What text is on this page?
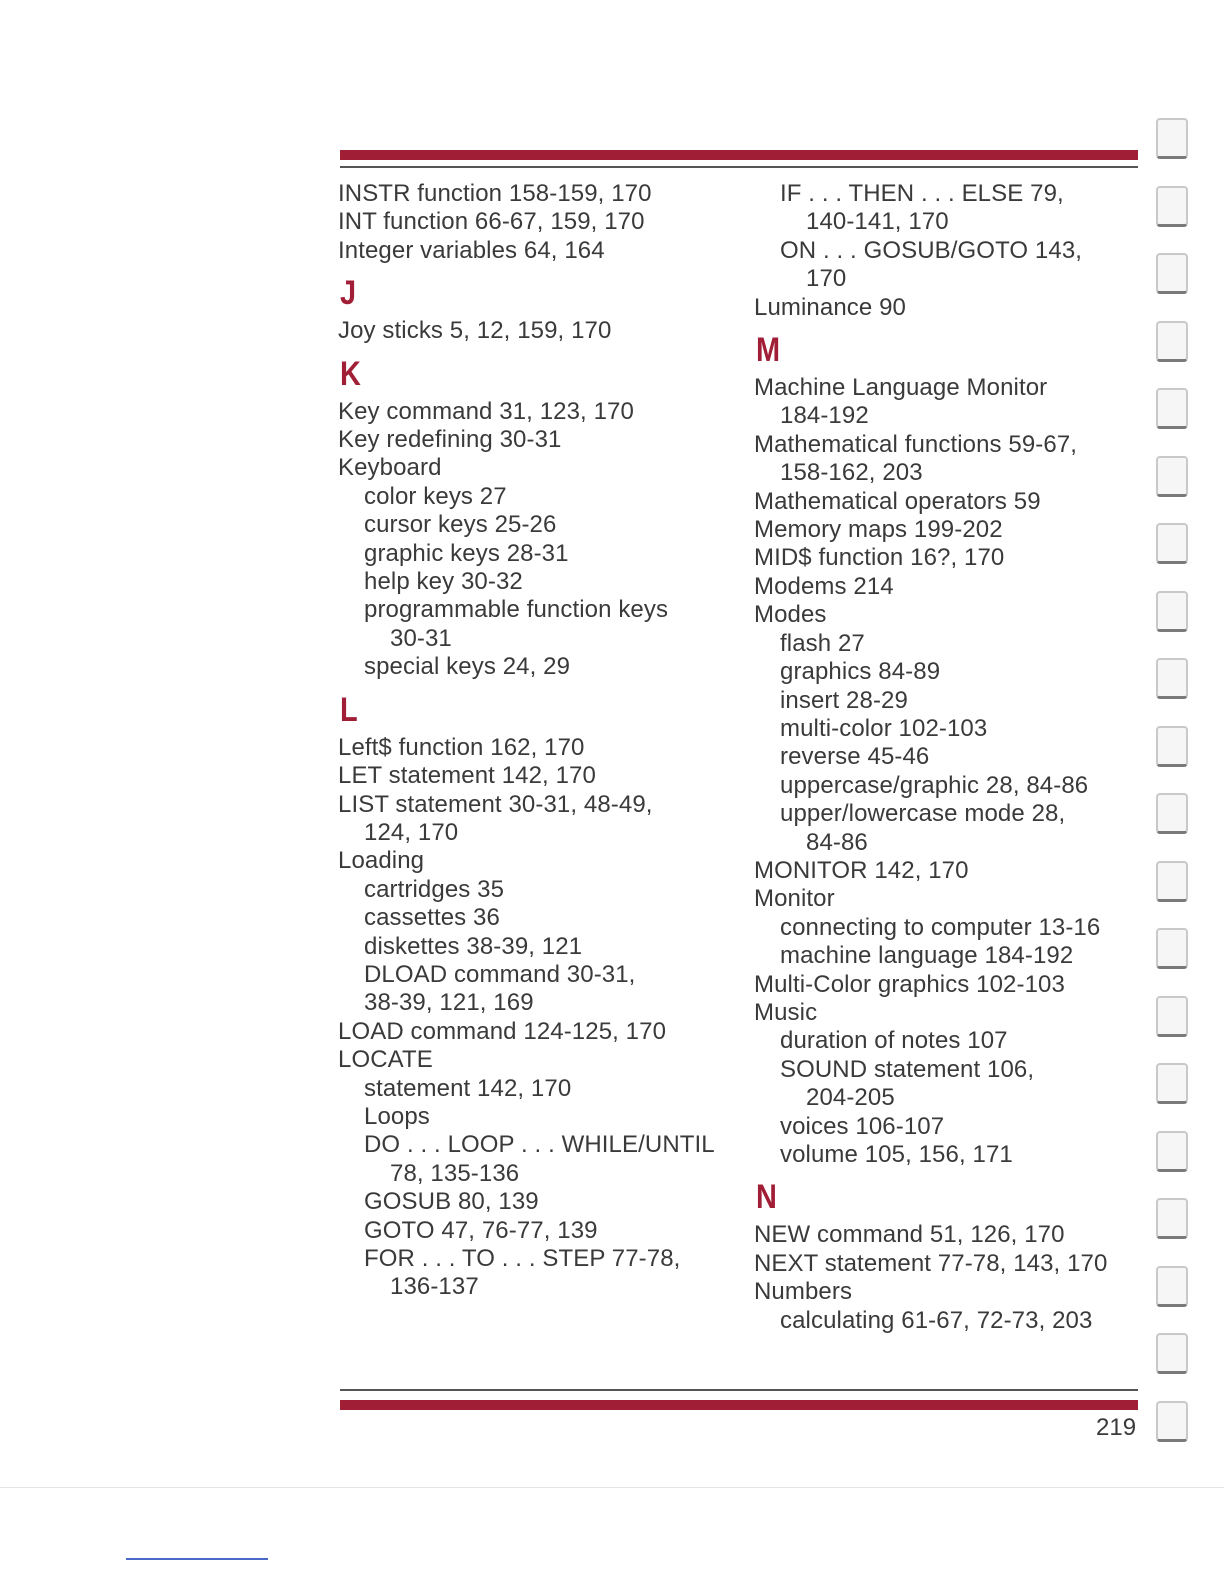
INSTR function 158-159, 170
INT function 66-67, 159, 170
Integer variables 64, 164
J
Joy sticks 5, 12, 159, 170
K
Key command 31, 123, 170
Key redefining 30-31
Keyboard
color keys 27
cursor keys 25-26
graphic keys 28-31
help key 30-32
programmable function keys
30-31
special keys 24, 29
L
Left$ function 162, 170
LET statement 142, 170
LIST statement 30-31, 48-49,
124, 170
Loading
cartridges 35
cassettes 36
diskettes 38-39, 121
DLOAD command 30-31,
38-39, 121, 169
LOAD command 124-125, 170
LOCATE
statement 142, 170
Loops
DO . . . LOOP . . . WHILE/UNTIL
78, 135-136
GOSUB 80, 139
GOTO 47, 76-77, 139
FOR . . . TO . . . STEP 77-78,
136-137
IF . . . THEN . . . ELSE 79,
140-141, 170
ON . . . GOSUB/GOTO 143,
170
Luminance 90
M
Machine Language Monitor
184-192
Mathematical functions 59-67,
158-162, 203
Mathematical operators 59
Memory maps 199-202
MID$ function 16?, 170
Modems 214
Modes
flash 27
graphics 84-89
insert 28-29
multi-color 102-103
reverse 45-46
uppercase/graphic 28, 84-86
upper/lowercase mode 28,
84-86
MONITOR 142, 170
Monitor
connecting to computer 13-16
machine language 184-192
Multi-Color graphics 102-103
Music
duration of notes 107
SOUND statement 106,
204-205
voices 106-107
volume 105, 156, 171
N
NEW command 51, 126, 170
NEXT statement 77-78, 143, 170
Numbers
calculating 61-67, 72-73, 203
219
